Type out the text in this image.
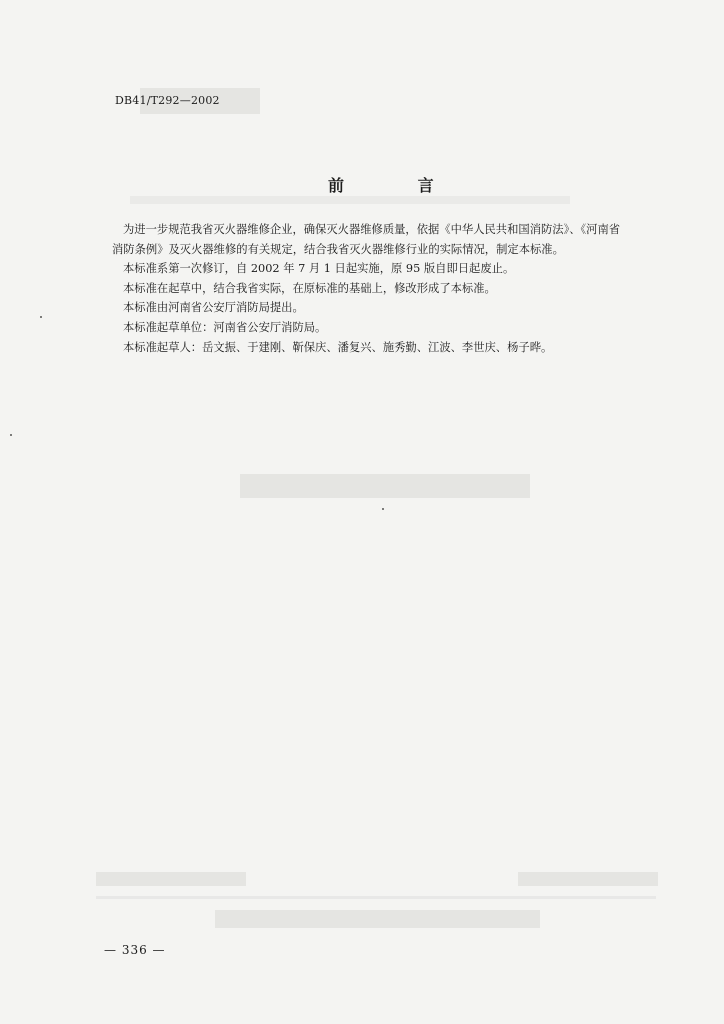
DB41/T292—2002
前 言

为进一步规范我省灭火器维修企业，确保灭火器维修质量，依据《中华人民共和国消防法》、《河南省

消防条例》及灭火器维修的有关规定，结合我省灭火器维修行业的实际情况，制定本标准。

本标准系第一次修订，自 2002 年 7 月 1 日起实施，原 95 版自即日起废止。

本标准在起草中，结合我省实际，在原标准的基础上，修改形成了本标准。

本标准由河南省公安厅消防局提出。

本标准起草单位：河南省公安厅消防局。

本标准起草人：岳文振、于建刚、靳保庆、潘复兴、施秀勤、江波、李世庆、杨子晔。

— 336 —
